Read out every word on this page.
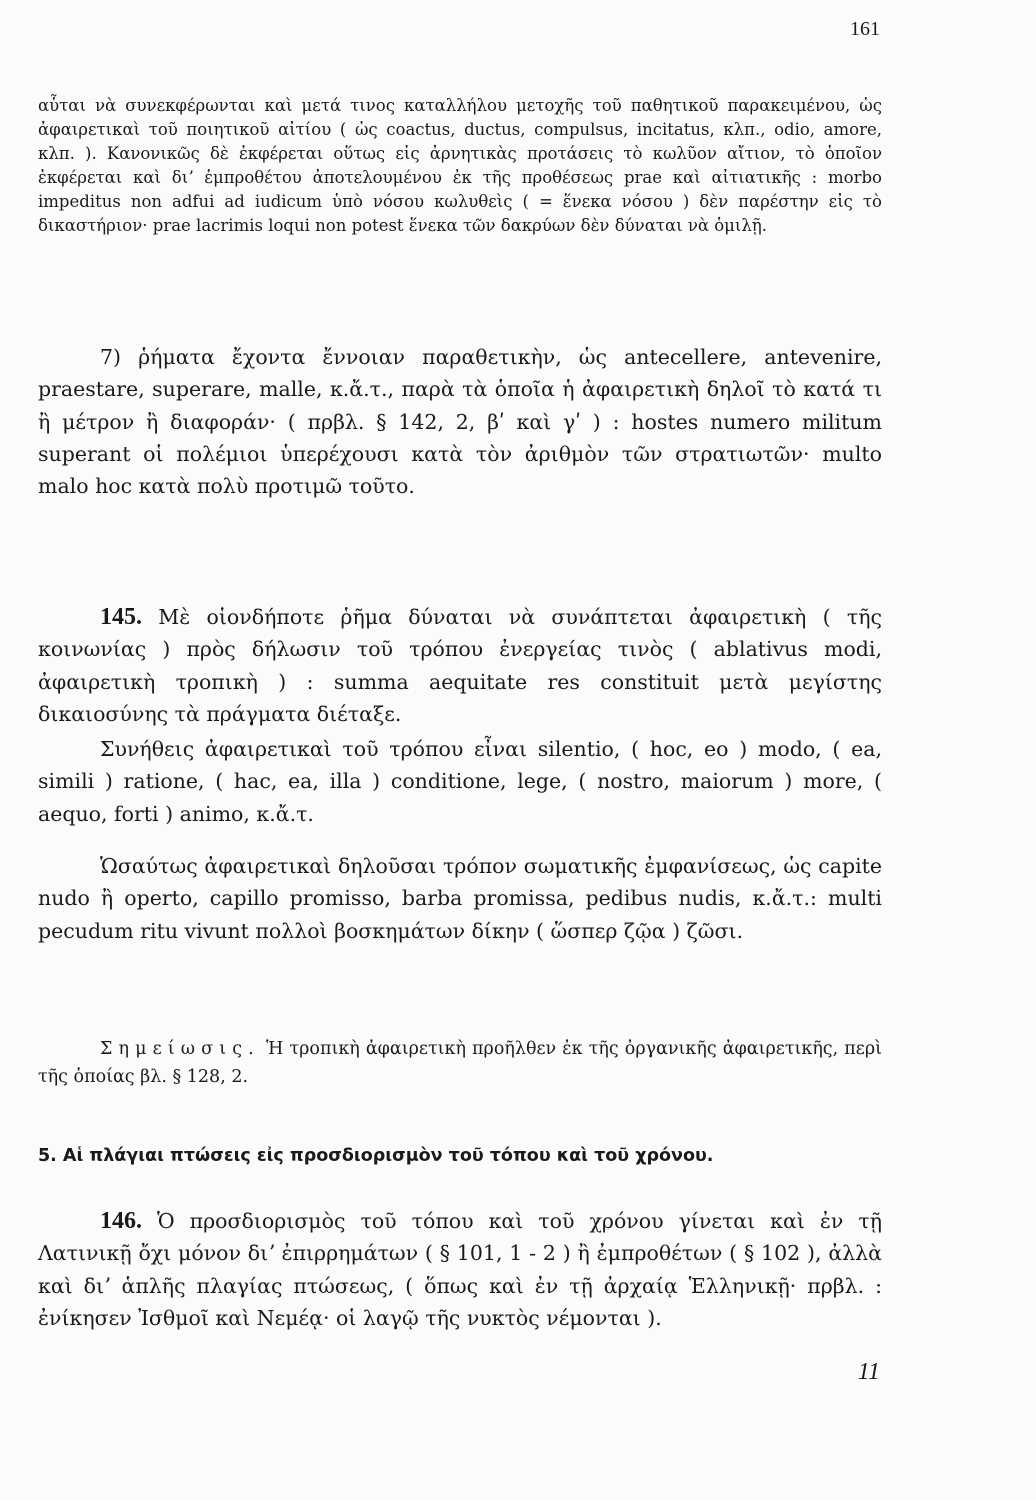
161

αὗται νὰ συνεκφέρωνται καὶ μετά τινος καταλλήλου μετοχῆς τοῦ παθητικοῦ παρακειμένου, ὡς ἀφαιρετικαὶ τοῦ ποιητικοῦ αἰτίου ( ὡς coactus, ductus, compulsus, incitatus, κλπ., odio, amore, κλπ. ). Κανονικῶς δὲ ἐκφέρεται οὕτως εἰς ἀρνητικὰς προτάσεις τὸ κωλῦον αἴτιον, τὸ ὁποῖον ἐκφέρεται καὶ διʼ ἐμπροθέτου ἀποτελουμένου ἐκ τῆς προθέσεως prae καὶ αἰτιατικῆς : morbo impeditus non adfui ad iudicum ὑπὸ νόσου κωλυθεὶς ( = ἕνεκα νόσου ) δὲν παρέστην εἰς τὸ δικαστήριον· prae lacrimis loqui non potest ἕνεκα τῶν δακρύων δὲν δύναται νὰ ὁμιλῇ.

7) ῥήματα ἔχοντα ἔννοιαν παραθετικὴν, ὡς antecellere, antevenire, praestare, superare, malle, κ.ἄ.τ., παρὰ τὰ ὁποῖα ἡ ἀφαιρετικὴ δηλοῖ τὸ κατά τι ἢ μέτρον ἢ διαφοράν· ( πρβλ. § 142, 2, βʹ καὶ γʹ ) : hostes numero militum superant οἱ πολέμιοι ὑπερέχουσι κατὰ τὸν ἀριθμὸν τῶν στρατιωτῶν· multo malo hoc κατὰ πολὺ προτιμῶ τοῦτο.

145. Μὲ οἱονδήποτε ῥῆμα δύναται νὰ συνάπτεται ἀφαιρετικὴ ( τῆς κοινωνίας ) πρὸς δήλωσιν τοῦ τρόπου ἐνεργείας τινὸς ( ablativus modi, ἀφαιρετικὴ τροπικὴ ) : summa aequitate res constituit μετὰ μεγίστης δικαιοσύνης τὰ πράγματα διέταξε.

Συνήθεις ἀφαιρετικαὶ τοῦ τρόπου εἶναι silentio, ( hoc, eo ) modo, ( ea, simili ) ratione, ( hac, ea, illa ) conditione, lege, ( nostro, maiorum ) more, ( aequo, forti ) animo, κ.ἄ.τ.

Ὡσαύτως ἀφαιρετικαὶ δηλοῦσαι τρόπον σωματικῆς ἐμφανίσεως, ὡς capite nudo ἢ operto, capillo promisso, barba promissa, pedibus nudis, κ.ἄ.τ.: multi pecudum ritu vivunt πολλοὶ βοσκημάτων δίκην ( ὥσπερ ζῷα ) ζῶσι.

Σημείωσις. Ἡ τροπικὴ ἀφαιρετικὴ προῆλθεν ἐκ τῆς ὀργανικῆς ἀφαιρετικῆς, περὶ τῆς ὁποίας βλ. § 128, 2.

5. Αἱ πλάγιαι πτώσεις εἰς προσδιορισμὸν τοῦ τόπου καὶ τοῦ χρόνου.

146. Ὁ προσδιορισμὸς τοῦ τόπου καὶ τοῦ χρόνου γίνεται καὶ ἐν τῇ Λατινικῇ ὄχι μόνον διʼ ἐπιρρημάτων ( § 101, 1 - 2 ) ἢ ἐμπροθέτων ( § 102 ), ἀλλὰ καὶ διʼ ἁπλῆς πλαγίας πτώσεως, ( ὅπως καὶ ἐν τῇ ἀρχαίᾳ Ἑλληνικῇ· πρβλ. : ἐνίκησεν Ἰσθμοῖ καὶ Νεμέᾳ· οἱ λαγῷ τῆς νυκτὸς νέμονται ).

11
